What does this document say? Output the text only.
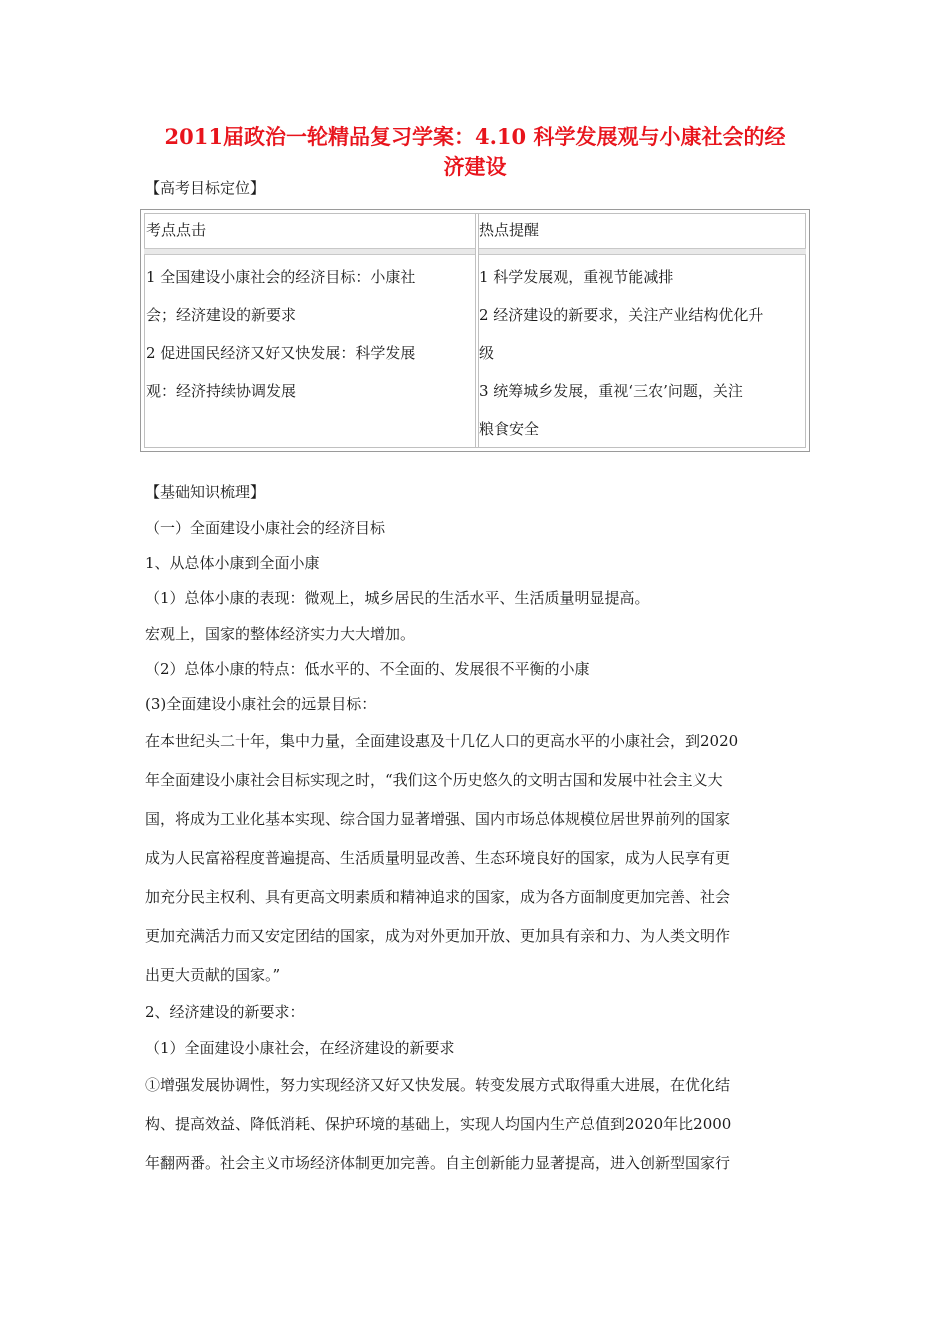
2011届政治一轮精品复习学案：4.10 科学发展观与小康社会的经
济建设

【高考目标定位】

考点点击	热点提醒

1 全国建设小康社会的经济目标：小康社
会；经济建设的新要求
2 促进国民经济又好又快发展：科学发展
观：经济持续协调发展
1 科学发展观，重视节能减排
2 经济建设的新要求，关注产业结构优化升
级
3 统筹城乡发展，重视‘三农’问题，关注
粮食安全

【基础知识梳理】

（一）全面建设小康社会的经济目标

1、从总体小康到全面小康

（1）总体小康的表现：微观上，城乡居民的生活水平、生活质量明显提高。

宏观上，国家的整体经济实力大大增加。

（2）总体小康的特点：低水平的、不全面的、发展很不平衡的小康

(3)全面建设小康社会的远景目标：

在本世纪头二十年，集中力量，全面建设惠及十几亿人口的更高水平的小康社会，到2020

年全面建设小康社会目标实现之时，“我们这个历史悠久的文明古国和发展中社会主义大

国，将成为工业化基本实现、综合国力显著增强、国内市场总体规模位居世界前列的国家

成为人民富裕程度普遍提高、生活质量明显改善、生态环境良好的国家，成为人民享有更

加充分民主权利、具有更高文明素质和精神追求的国家，成为各方面制度更加完善、社会

更加充满活力而又安定团结的国家，成为对外更加开放、更加具有亲和力、为人类文明作

出更大贡献的国家。”

2、经济建设的新要求：

（1）全面建设小康社会，在经济建设的新要求

①增强发展协调性，努力实现经济又好又快发展。转变发展方式取得重大进展，在优化结

构、提高效益、降低消耗、保护环境的基础上，实现人均国内生产总值到2020年比2000

年翻两番。社会主义市场经济体制更加完善。自主创新能力显著提高，进入创新型国家行
